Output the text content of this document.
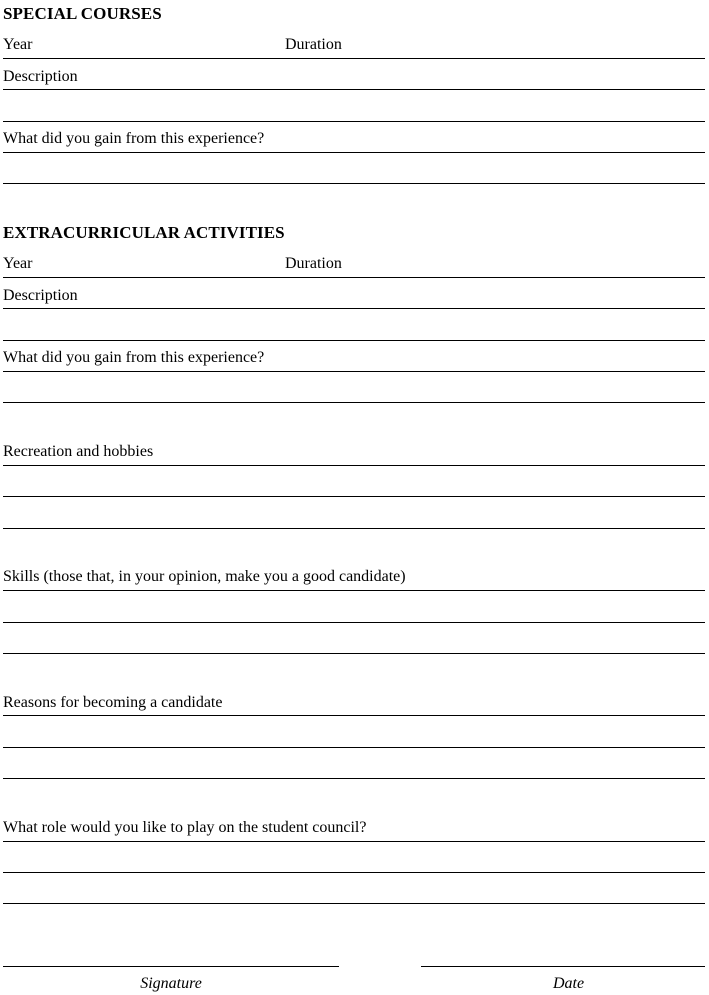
SPECIAL COURSES
Year	Duration
Description
What did you gain from this experience?
EXTRACURRICULAR ACTIVITIES
Year	Duration
Description
What did you gain from this experience?
Recreation and hobbies
Skills (those that, in your opinion, make you a good candidate)
Reasons for becoming a candidate
What role would you like to play on the student council?
Signature	Date
